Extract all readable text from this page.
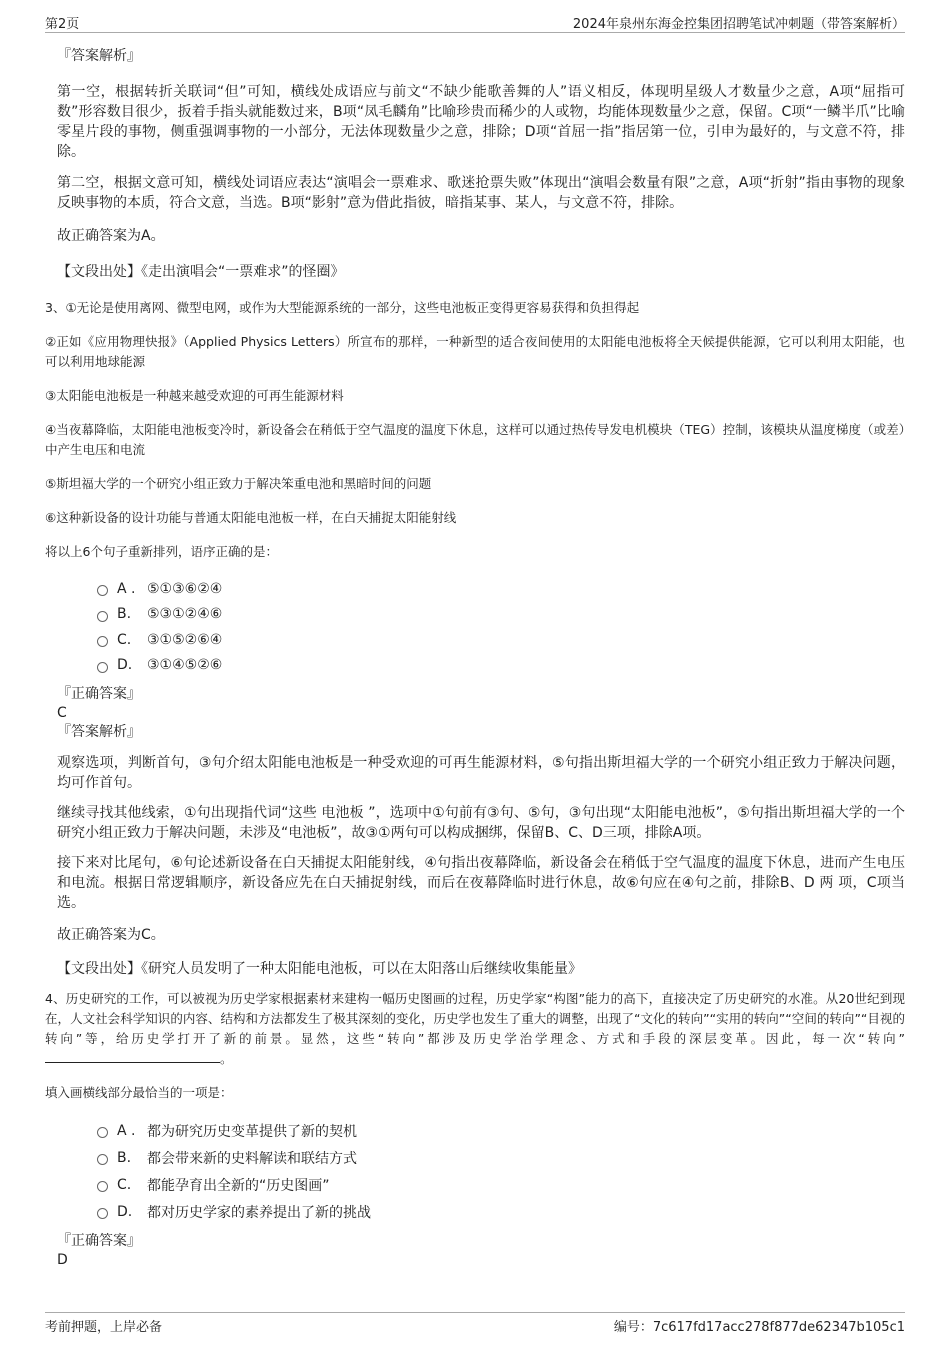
第2页	2024年泉州东海金控集团招聘笔试冲刺题（带答案解析）
『答案解析』
第一空，根据转折关联词“但”可知，横线处成语应与前文“不缺少能歌善舞的人”语义相反，体现明星级人才数量少之意，A项“屈指可数”形容数目很少，扳着手指头就能数过来，B项“凤毛麟角”比喻珍贵而稀少的人或物，均能体现数量少之意，保留。C项“一鳞半爪”比喻零星片段的事物，侧重强调事物的一小部分，无法体现数量少之意，排除；D项“首屈一指”指居第一位，引申为最好的，与文意不符，排除。
第二空，根据文意可知，横线处词语应表达“演唱会一票难求、歌迷抢票失败”体现出“演唱会数量有限”之意，A项“折射”指由事物的现象反映事物的本质，符合文意，当选。B项“影射”意为借此指彼，暗指某事、某人，与文意不符，排除。
故正确答案为A。
【文段出处】《走出演唱会“一票难求”的怪圈》
3、①无论是使用离网、微型电网，或作为大型能源系统的一部分，这些电池板正变得更容易获得和负担得起
②正如《应用物理快报》（Applied Physics Letters）所宣布的那样，一种新型的适合夜间使用的太阳能电池板将全天候提供能源，它可以利用太阳能，也可以利用地球能源
③太阳能电池板是一种越来越受欢迎的可再生能源材料
④当夜幕降临，太阳能电池板变冷时，新设备会在稍低于空气温度的温度下休息，这样可以通过热传导发电机模块（TEG）控制，该模块从温度梯度（或差）中产生电压和电流
⑤斯坦福大学的一个研究小组正致力于解决笨重电池和黑暗时间的问题
⑥这种新设备的设计功能与普通太阳能电池板一样，在白天捕捉太阳能射线
将以上6个句子重新排列，语序正确的是：
A . ⑤①③⑥②④
B.	⑤③①②④⑥
C.	③①⑤②⑥④
D.	③①④⑤②⑥
『正确答案』
C
『答案解析』
观察选项，判断首句，③句介绍太阳能电池板是一种受欢迎的可再生能源材料，⑤句指出斯坦福大学的一个研究小组正致力于解决问题，均可作首句。
继续寻找其他线索，①句出现指代词“这些 电池板 ”，选项中①句前有③句、⑤句，③句出现“太阳能电池板”，⑤句指出斯坦福大学的一个研究小组正致力于解决问题，未涉及“电池板”，故③①两句可以构成捆绑，保留B、C、D三项，排除A项。
接下来对比尾句，⑥句论述新设备在白天捕捉太阳能射线，④句指出夜幕降临，新设备会在稍低于空气温度的温度下休息，进而产生电压和电流。根据日常逻辑顺序，新设备应先在白天捕捉射线，而后在夜幕降临时进行休息，故⑥句应在④句之前，排除B、D 两 项，C项当选。
故正确答案为C。
【文段出处】《研究人员发明了一种太阳能电池板，可以在太阳落山后继续收集能量》
4、历史研究的工作，可以被视为历史学家根据素材来建构一幅历史图画的过程，历史学家“构图”能力的高下，直接决定了历史研究的水准。从20世纪到现在，人文社会科学知识的内容、结构和方法都发生了极其深刻的变化，历史学也发生了重大的调整，出现了“文化的转向”“实用的转向”“空间的转向”“目视的转向”等，给历史学打开了新的前景。显然，这些“转向”都涉及历史学治学理念、方式和手段的深层变革。因此，每一次“转向”。
填入画横线部分最恰当的一项是：
A . 都为研究历史变革提供了新的契机
B.	都会带来新的史料解读和联结方式
C.	都能孕育出全新的“历史图画”
D.	都对历史学家的素养提出了新的挑战
『正确答案』
D
考前押题，上岸必备	编号：7c617fd17acc278f877de62347b105c1
